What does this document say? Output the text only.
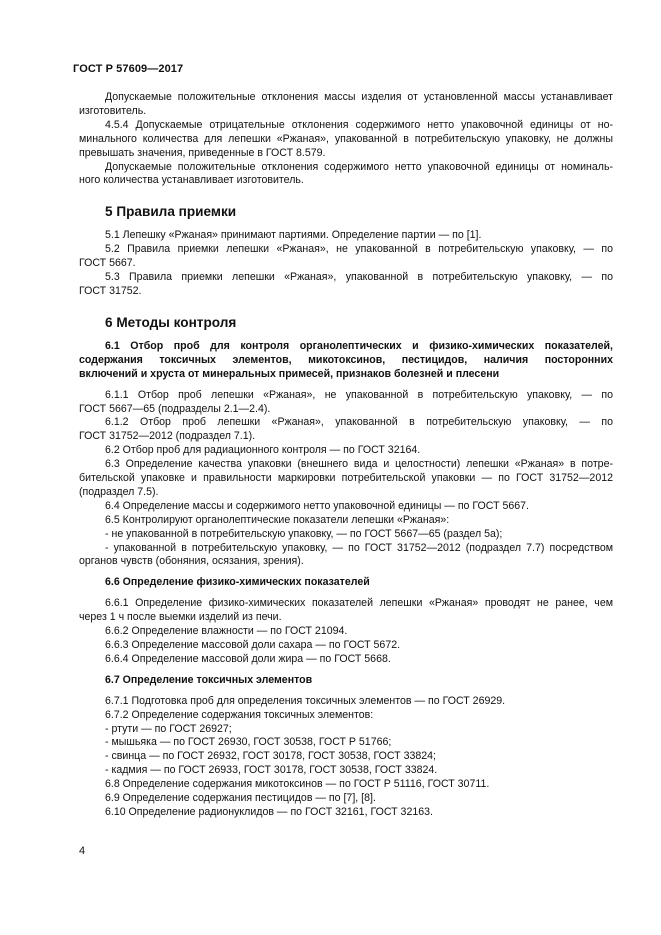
ГОСТ Р 57609—2017

Допускаемые положительные отклонения массы изделия от установленной массы устанавливает

изготовитель.

4.5.4 Допускаемые отрицательные отклонения содержимого нетто упаковочной единицы от но-

минального количества для лепешки «Ржаная», упакованной в потребительскую упаковку, не должны

превышать значения, приведенные в ГОСТ 8.579.

Допускаемые положительные отклонения содержимого нетто упаковочной единицы от номиналь-

ного количества устанавливает изготовитель.

5 Правила приемки

5.1 Лепешку «Ржаная» принимают партиями. Определение партии — по [1].

5.2 Правила приемки лепешки «Ржаная», не упакованной в потребительскую упаковку, — по

ГОСТ 5667.

5.3 Правила приемки лепешки «Ржаная», упакованной в потребительскую упаковку, — по

ГОСТ 31752.

6 Методы контроля

6.1 Отбор проб для контроля органолептических и физико-химических показателей,

содержания токсичных элементов, микотоксинов, пестицидов, наличия посторонних

включений и хруста от минеральных примесей, признаков болезней и плесени

6.1.1 Отбор проб лепешки «Ржаная», не упакованной в потребительскую упаковку, — по

ГОСТ 5667—65 (подразделы 2.1—2.4).

6.1.2 Отбор проб лепешки «Ржаная», упакованной в потребительскую упаковку, — по

ГОСТ 31752—2012 (подраздел 7.1).

6.2 Отбор проб для радиационного контроля — по ГОСТ 32164.

6.3 Определение качества упаковки (внешнего вида и целостности) лепешки «Ржаная» в потре-

бительской упаковке и правильности маркировки потребительской упаковки — по ГОСТ 31752—2012

(подраздел 7.5).

6.4 Определение массы и содержимого нетто упаковочной единицы — по ГОСТ 5667.

6.5 Контролируют органолептические показатели лепешки «Ржаная»:

- не упакованной в потребительскую упаковку, — по ГОСТ 5667—65 (раздел 5а);

- упакованной в потребительскую упаковку, — по ГОСТ 31752—2012 (подраздел 7.7) посредством

органов чувств (обоняния, осязания, зрения).

6.6 Определение физико-химических показателей

6.6.1 Определение физико-химических показателей лепешки «Ржаная» проводят не ранее, чем

через 1 ч после выемки изделий из печи.

6.6.2 Определение влажности — по ГОСТ 21094.

6.6.3 Определение массовой доли сахара — по ГОСТ 5672.

6.6.4 Определение массовой доли жира — по ГОСТ 5668.

6.7 Определение токсичных элементов

6.7.1 Подготовка проб для определения токсичных элементов — по ГОСТ 26929.

6.7.2 Определение содержания токсичных элементов:

- ртути — по ГОСТ 26927;

- мышьяка — по ГОСТ 26930, ГОСТ 30538, ГОСТ Р 51766;

- свинца — по ГОСТ 26932, ГОСТ 30178, ГОСТ 30538, ГОСТ 33824;

- кадмия — по ГОСТ 26933, ГОСТ 30178, ГОСТ 30538, ГОСТ 33824.

6.8 Определение содержания микотоксинов — по ГОСТ Р 51116, ГОСТ 30711.

6.9 Определение содержания пестицидов — по [7], [8].

6.10 Определение радионуклидов — по ГОСТ 32161, ГОСТ 32163.

4
